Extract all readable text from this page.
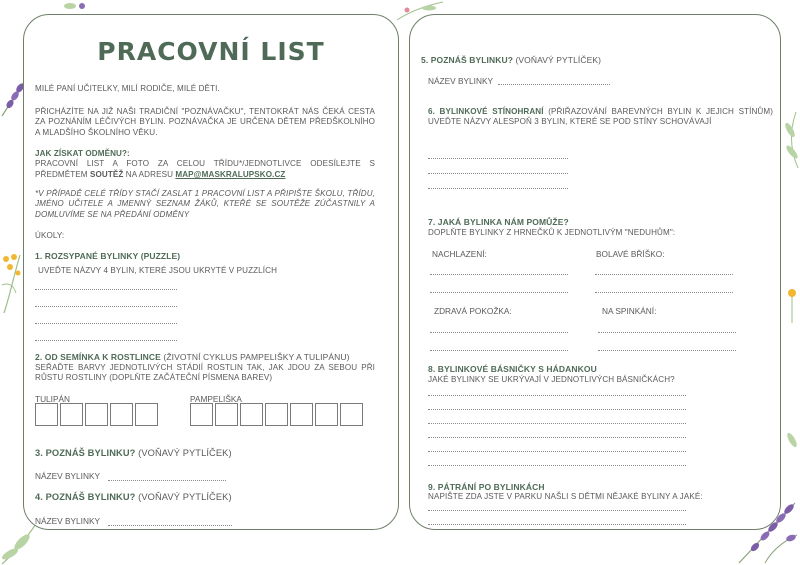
PRACOVNÍ LIST
MILÉ PANÍ UČITELKY, MILÍ RODIČE, MILÉ DĚTI.
PŘICHÁZÍTE NA JIŽ NAŠI TRADIČNÍ "POZNÁVAČKU", TENTOKRÁT NÁS ČEKÁ CESTA ZA POZNÁNÍM LÉČIVÝCH BYLIN. POZNÁVAČKA JE URČENA DĚTEM PŘEDŠKOLNÍHO A MLADŠÍHO ŠKOLNÍHO VĚKU.
JAK ZÍSKAT ODMĚNU?:
PRACOVNÍ LIST A FOTO ZA CELOU TŘÍDU*/JEDNOTLIVCE ODESÍLEJTE S PŘEDMĚTEM SOUTĚŽ NA ADRESU MAP@MASKRALUPSKO.CZ
*V PŘÍPADĚ CELÉ TŘÍDY STAČÍ ZASLAT 1 PRACOVNÍ LIST A PŘIPIŠTE ŠKOLU, TŘÍDU, JMÉNO UČITELE A JMENNÝ SEZNAM ŽÁKŮ, KTEŘÉ SE SOUTĚŽE ZÚČASTNILY A DOMLUVÍME SE NA PŘEDÁNÍ ODMĚNY
ÚKOLY:
1. ROZSYPANÉ BYLINKY (PUZZLE)
UVEĎTE NÁZVY 4 BYLIN, KTERÉ JSOU UKRYTÉ V PUZZLÍCH
2. OD SEMÍNKA K ROSTLINCE (ŽIVOTNÍ CYKLUS PAMPELIŠKY A TULIPÁNU)
SEŘAĎTE BARVY JEDNOTLIVÝCH STÁDIÍ ROSTLIN TAK, JAK JDOU ZA SEBOU PŘI RŮSTU ROSTLINY (DOPLŇTE ZAČÁTEČNÍ PÍSMENA BAREV)
TULIPÁN	PAMPELIŠKA
3. POZNÁŠ BYLINKU? (VOŇAVÝ PYTLÍČEK)
NÁZEV BYLINKY
4. POZNÁŠ BYLINKU? (VOŇAVÝ PYTLÍČEK)
NÁZEV BYLINKY
5. POZNÁŠ BYLINKU? (VOŇAVÝ PYTLÍČEK)
NÁZEV BYLINKY
6. BYLINKOVÉ STÍNOHRANÍ (PŘIŘAZOVÁNÍ BAREVNÝCH BYLIN K JEJICH STÍNŮM) UVEĎTE NÁZVY ALESPOŇ 3 BYLIN, KTERÉ SE POD STÍNY SCHOVÁVAJÍ
7. JAKÁ BYLINKA NÁM POMŮŽE?
DOPLŇTE BYLINKY Z HRNEČKŮ K JEDNOTLIVÝM "NEDUHŮM":
NACHLAZENÍ:	BOLAVÉ BŘÍŠKO:
ZDRAVÁ POKOŽKA:	NA SPINKÁNÍ:
8. BYLINKOVÉ BÁSNIČKY S HÁDANKOU
JAKÉ BYLINKY SE UKRÝVAJÍ V JEDNOTLIVÝCH BÁSNIČKÁCH?
9. PÁTRÁNÍ PO BYLINKÁCH
NAPIŠTE ZDA JSTE V PARKU NAŠLI S DĚTMI NĚJAKÉ BYLINY A JAKÉ:
